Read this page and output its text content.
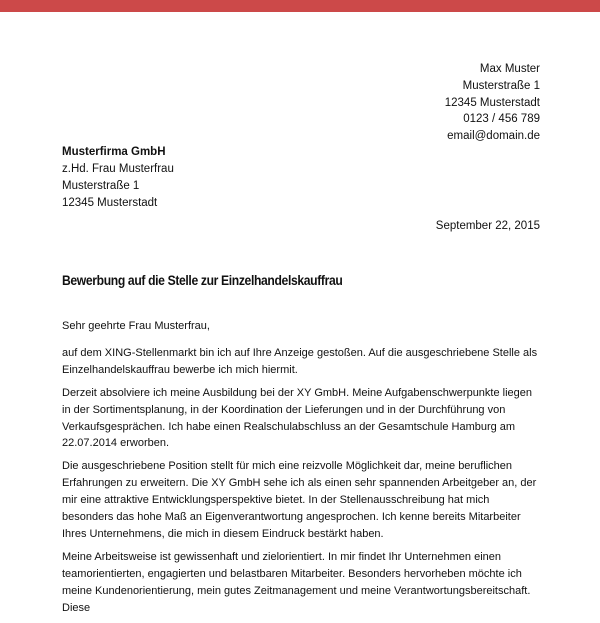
Max Muster
Musterstraße 1
12345 Musterstadt
0123 / 456 789
email@domain.de
Musterfirma GmbH
z.Hd. Frau Musterfrau
Musterstraße 1
12345 Musterstadt
September 22, 2015
Bewerbung auf die Stelle zur Einzelhandelskauffrau

Sehr geehrte Frau Musterfrau,

auf dem XING-Stellenmarkt bin ich auf Ihre Anzeige gestoßen. Auf die ausgeschriebene Stelle als Einzelhandelskauffrau bewerbe ich mich hiermit.

Derzeit absolviere ich meine Ausbildung bei der XY GmbH. Meine Aufgabenschwerpunkte liegen in der Sortimentsplanung, in der Koordination der Lieferungen und in der Durchführung von Verkaufsgesprächen. Ich habe einen Realschulabschluss an der Gesamtschule Hamburg am 22.07.2014 erworben.

Die ausgeschriebene Position stellt für mich eine reizvolle Möglichkeit dar, meine beruflichen Erfahrungen zu erweitern. Die XY GmbH sehe ich als einen sehr spannenden Arbeitgeber an, der mir eine attraktive Entwicklungsperspektive bietet. In der Stellenausschreibung hat mich besonders das hohe Maß an Eigenverantwortung angesprochen. Ich kenne bereits Mitarbeiter Ihres Unternehmens, die mich in diesem Eindruck bestärkt haben.

Meine Arbeitsweise ist gewissenhaft und zielorientiert. In mir findet Ihr Unternehmen einen teamorientierten, engagierten und belastbaren Mitarbeiter. Besonders hervorheben möchte ich meine Kundenorientierung, mein gutes Zeitmanagement und meine Verantwortungsbereitschaft. Diese
